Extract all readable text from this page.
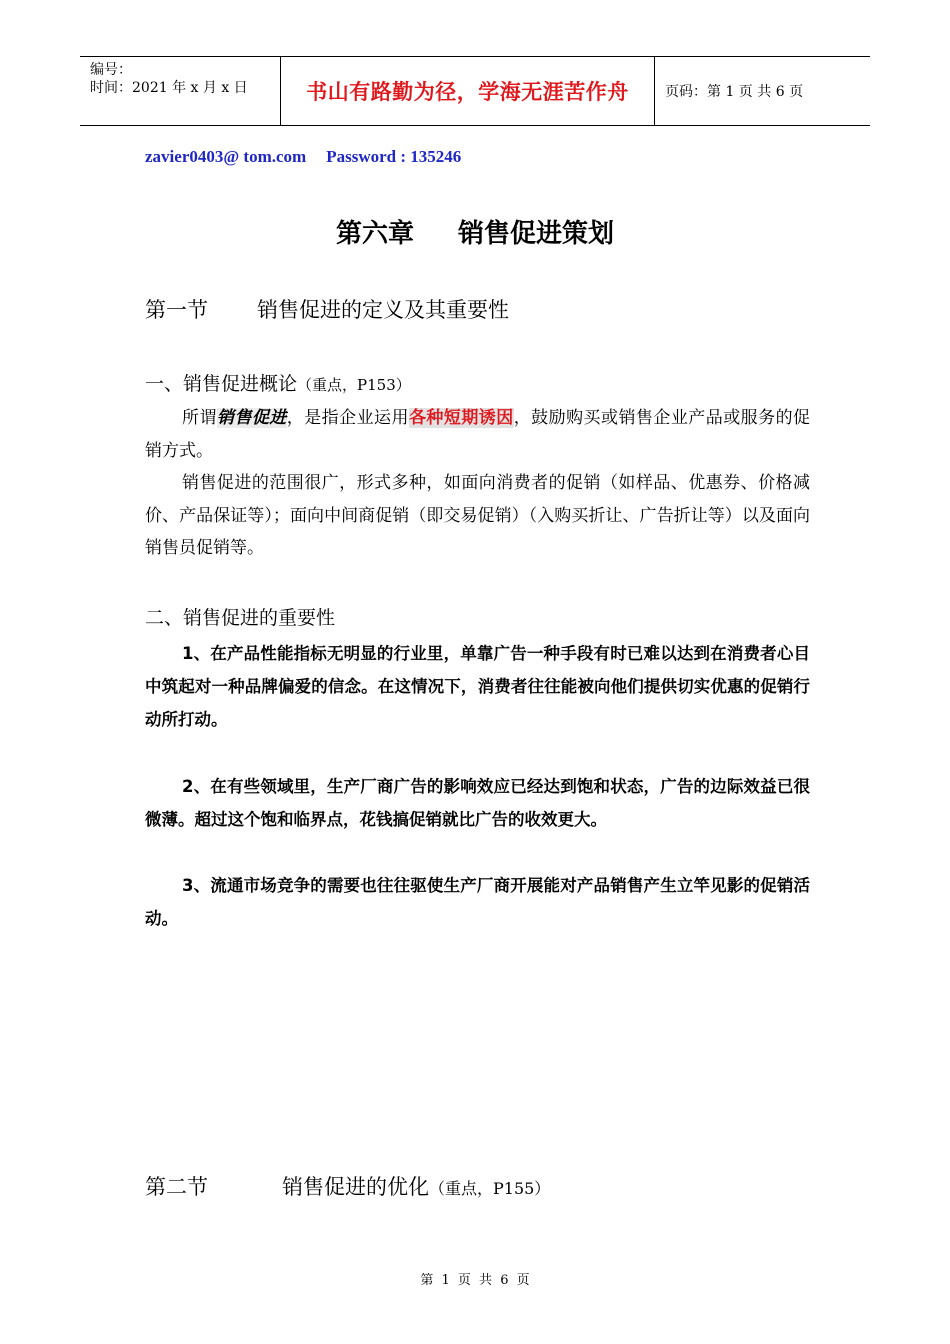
编号：
时间：2021 年 x 月 x 日	书山有路勤为径，学海无涯苦作舟	页码：第 1 页 共 6 页
zavier0403@ tom.com Password : 135246
第六章 销售促进策划
第一节 销售促进的定义及其重要性
一、销售促进概论（重点，P153）
所谓销售促进，是指企业运用各种短期诱因，鼓励购买或销售企业产品或服务的促销方式。
销售促进的范围很广，形式多种，如面向消费者的促销（如样品、优惠券、价格减价、产品保证等）；面向中间商促销（即交易促销）（入购买折让、广告折让等）以及面向销售员促销等。
二、销售促进的重要性
1、在产品性能指标无明显的行业里，单靠广告一种手段有时已难以达到在消费者心目中筑起对一种品牌偏爱的信念。在这情况下，消费者往往能被向他们提供切实优惠的促销行动所打动。
2、在有些领域里，生产厂商广告的影响效应已经达到饱和状态，广告的边际效益已很微薄。超过这个饱和临界点，花钱搞促销就比广告的收效更大。
3、流通市场竞争的需要也往往驱使生产厂商开展能对产品销售产生立竿见影的促销活动。
第二节	销售促进的优化（重点，P155）
第 1 页 共 6 页
